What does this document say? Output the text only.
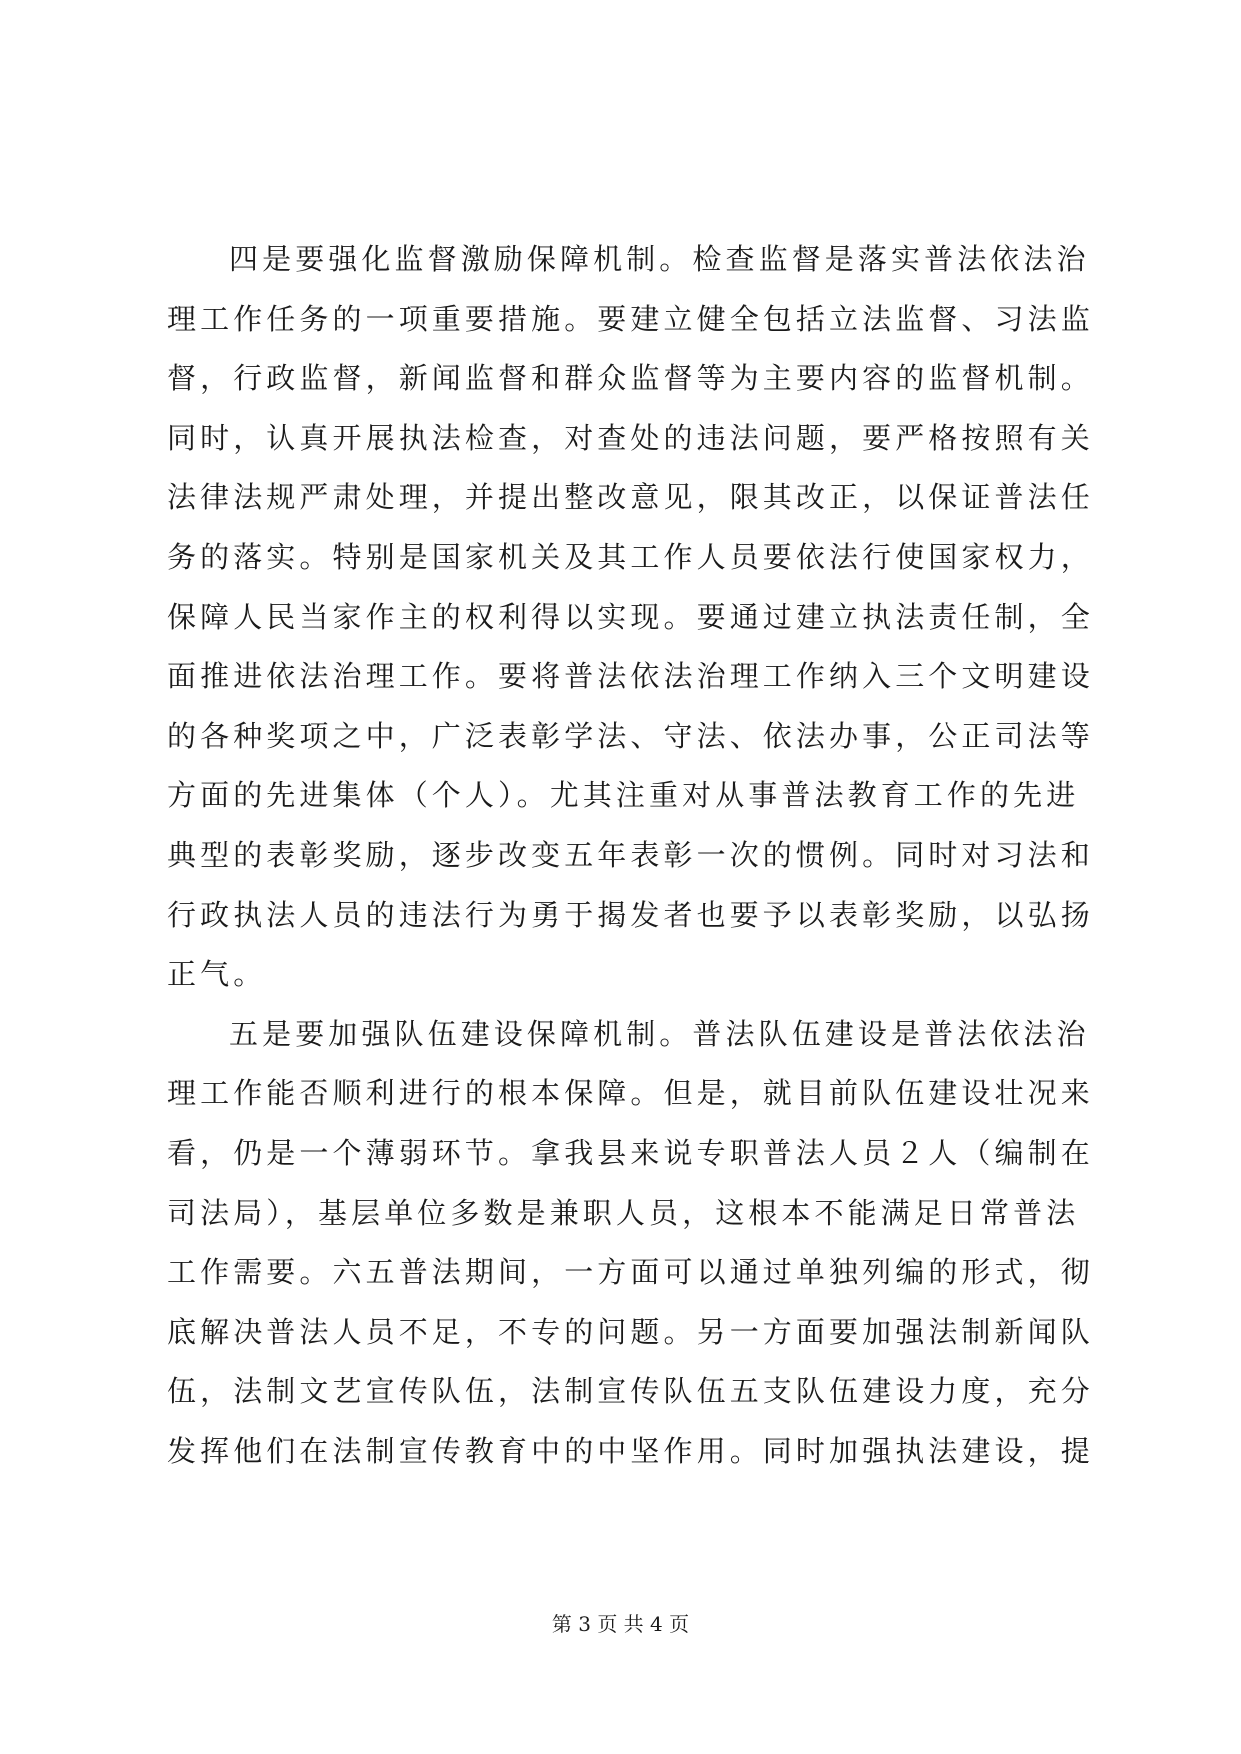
四是要强化监督激励保障机制。检查监督是落实普法依法治
理工作任务的一项重要措施。要建立健全包括立法监督、习法监
督，行政监督，新闻监督和群众监督等为主要内容的监督机制。
同时，认真开展执法检查，对查处的违法问题，要严格按照有关
法律法规严肃处理，并提出整改意见，限其改正，以保证普法任
务的落实。特别是国家机关及其工作人员要依法行使国家权力，
保障人民当家作主的权利得以实现。要通过建立执法责任制，全
面推进依法治理工作。要将普法依法治理工作纳入三个文明建设
的各种奖项之中，广泛表彰学法、守法、依法办事，公正司法等
方面的先进集体（个人）。尤其注重对从事普法教育工作的先进
典型的表彰奖励，逐步改变五年表彰一次的惯例。同时对习法和
行政执法人员的违法行为勇于揭发者也要予以表彰奖励，以弘扬
正气。
五是要加强队伍建设保障机制。普法队伍建设是普法依法治
理工作能否顺利进行的根本保障。但是，就目前队伍建设壮况来
看，仍是一个薄弱环节。拿我县来说专职普法人员２人（编制在
司法局），基层单位多数是兼职人员，这根本不能满足日常普法
工作需要。六五普法期间，一方面可以通过单独列编的形式，彻
底解决普法人员不足，不专的问题。另一方面要加强法制新闻队
伍，法制文艺宣传队伍，法制宣传队伍五支队伍建设力度，充分
发挥他们在法制宣传教育中的中坚作用。同时加强执法建设，提
第 3 页 共 4 页
